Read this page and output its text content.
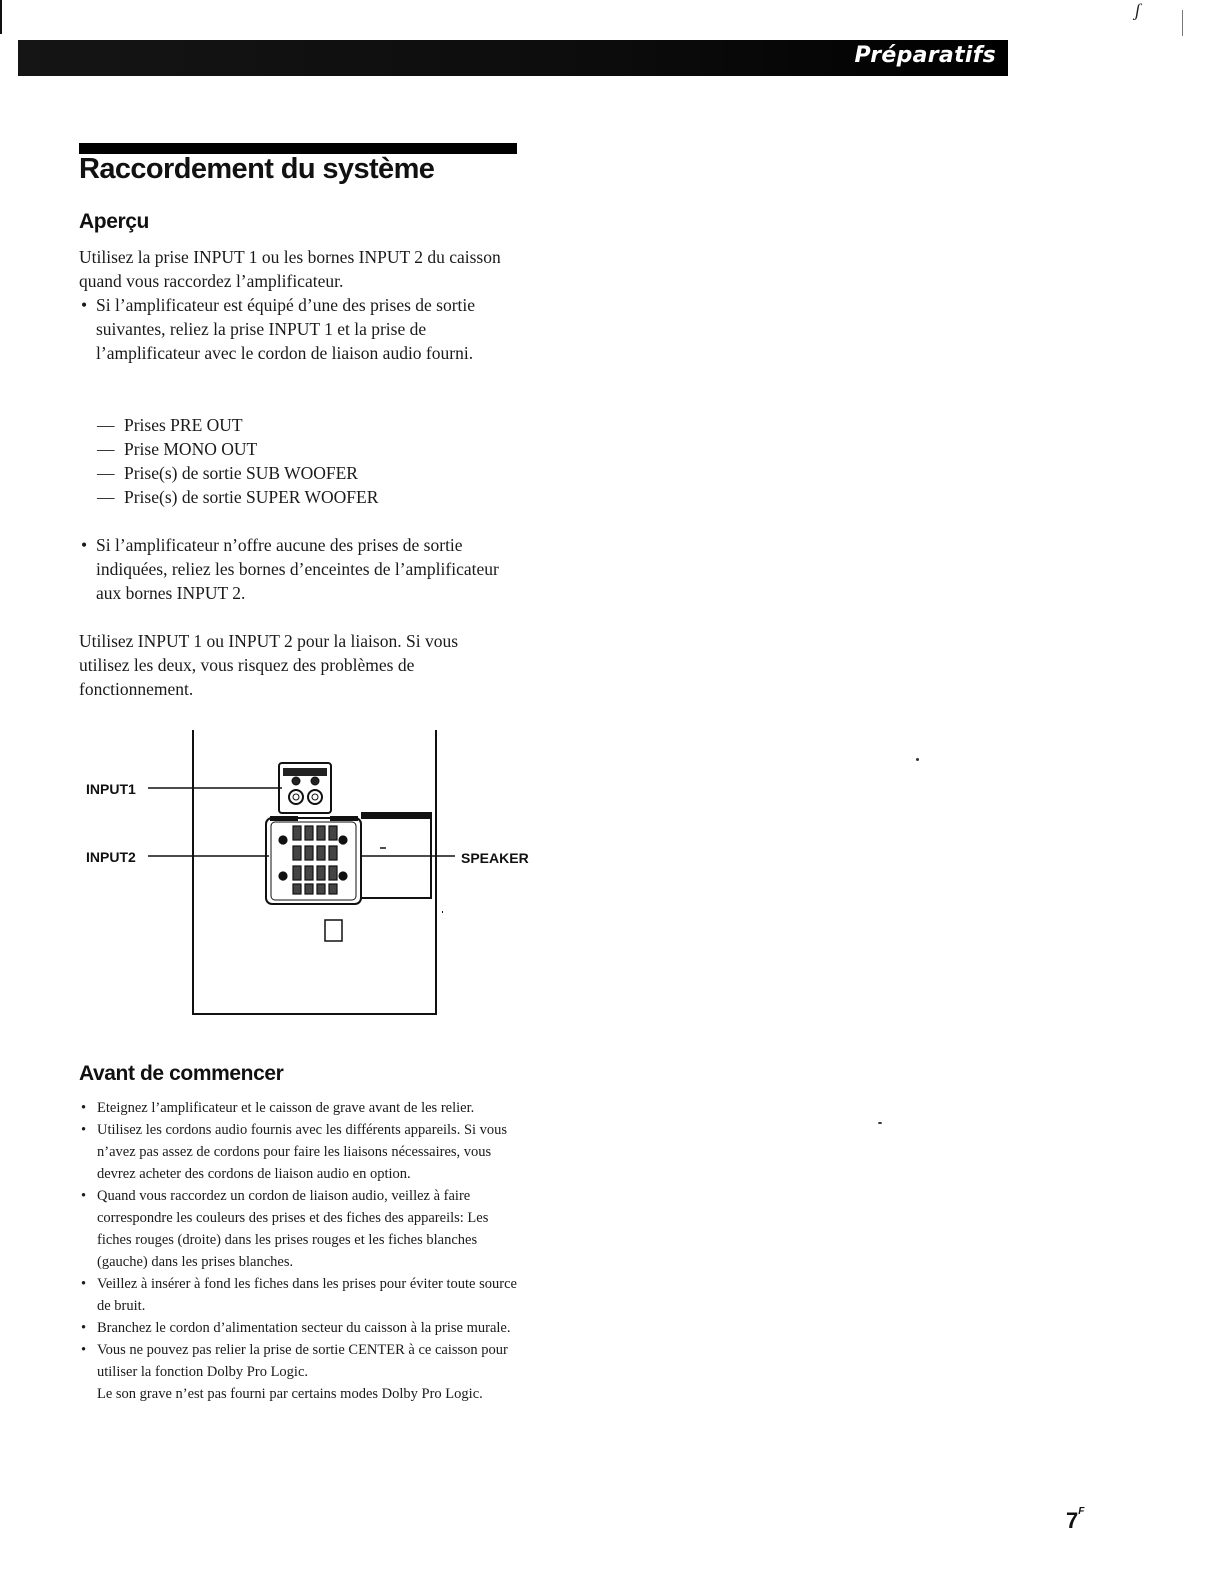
ʃ
Préparatifs
Raccordement du système
Aperçu

Utilisez la prise INPUT 1 ou les bornes INPUT 2 du caisson quand vous raccordez l’amplificateur.

• Si l’amplificateur est équipé d’une des prises de sortie suivantes, reliez la prise INPUT 1 et la prise de l’amplificateur avec le cordon de liaison audio fourni.

— Prises PRE OUT
— Prise MONO OUT
— Prise(s) de sortie SUB WOOFER
— Prise(s) de sortie SUPER WOOFER

• Si l’amplificateur n’offre aucune des prises de sortie indiquées, reliez les bornes d’enceintes de l’amplificateur aux bornes INPUT 2.

Utilisez INPUT 1 ou INPUT 2 pour la liaison. Si vous utilisez les deux, vous risquez des problèmes de fonctionnement.

INPUT1
INPUT2	SPEAKER
Avant de commencer

• Eteignez l’amplificateur et le caisson de grave avant de les relier.

• Utilisez les cordons audio fournis avec les différents appareils. Si vous n’avez pas assez de cordons pour faire les liaisons nécessaires, vous devrez acheter des cordons de liaison audio en option.

• Quand vous raccordez un cordon de liaison audio, veillez à faire correspondre les couleurs des prises et des fiches des appareils: Les fiches rouges (droite) dans les prises rouges et les fiches blanches (gauche) dans les prises blanches.

• Veillez à insérer à fond les fiches dans les prises pour éviter toute source de bruit.

• Branchez le cordon d’alimentation secteur du caisson à la prise murale.

• Vous ne pouvez pas relier la prise de sortie CENTER à ce caisson pour utiliser la fonction Dolby Pro Logic.

Le son grave n’est pas fourni par certains modes Dolby Pro Logic.

$7^F$
